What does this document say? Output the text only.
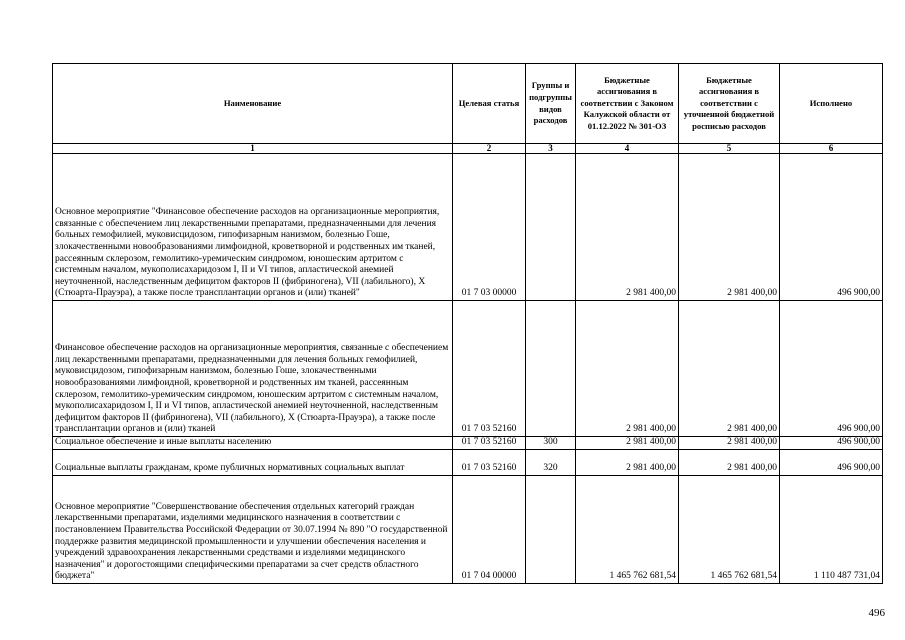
Наименование	Целевая статья	Группы и подгруппы видов расходов	Бюджетные ассигнования в соответствии с Законом Калужской области от 01.12.2022 № 301-ОЗ	Бюджетные ассигнования в соответствии с уточненной бюджетной росписью расходов	Исполнено
1	2	3	4	5	6
Основное мероприятие "Финансовое обеспечение расходов на организационные мероприятия, связанные с обеспечением лиц лекарственными препаратами, предназначенными для лечения больных гемофилией, муковисцидозом, гипофизарным нанизмом, болезнью Гоше, злокачественными новообразованиями лимфоидной, кроветворной и родственных им тканей, рассеянным склерозом, гемолитико-уремическим синдромом, юношеским артритом с системным началом, мукополисахаридозом I, II и VI типов, апластической анемией неуточненной, наследственным дефицитом факторов II (фибриногена), VII (лабильного), X (Стюарта-Прауэра), а также после трансплантации органов и (или) тканей"	01 7 03 00000		2 981 400,00	2 981 400,00	496 900,00
Финансовое обеспечение расходов на организационные мероприятия, связанные с обеспечением лиц лекарственными препаратами, предназначенными для лечения больных гемофилией, муковисцидозом, гипофизарным нанизмом, болезнью Гоше, злокачественными новообразованиями лимфоидной, кроветворной и родственных им тканей, рассеянным склерозом, гемолитико-уремическим синдромом, юношеским артритом с системным началом, мукополисахаридозом I, II и VI типов, апластической анемией неуточненной, наследственным дефицитом факторов II (фибриногена), VII (лабильного), X (Стюарта-Прауэра), а также после трансплантации органов и (или) тканей	01 7 03 52160		2 981 400,00	2 981 400,00	496 900,00
Социальное обеспечение и иные выплаты населению	01 7 03 52160	300	2 981 400,00	2 981 400,00	496 900,00
Социальные выплаты гражданам, кроме публичных нормативных социальных выплат	01 7 03 52160	320	2 981 400,00	2 981 400,00	496 900,00
Основное мероприятие "Совершенствование обеспечения отдельных категорий граждан лекарственными препаратами, изделиями медицинского назначения в соответствии с постановлением Правительства Российской Федерации от 30.07.1994 № 890 "О государственной поддержке развития медицинской промышленности и улучшении обеспечения населения и учреждений здравоохранения лекарственными средствами и изделиями медицинского назначения" и дорогостоящими специфическими препаратами за счет средств областного бюджета"	01 7 04 00000		1 465 762 681,54	1 465 762 681,54	1 110 487 731,04
496
